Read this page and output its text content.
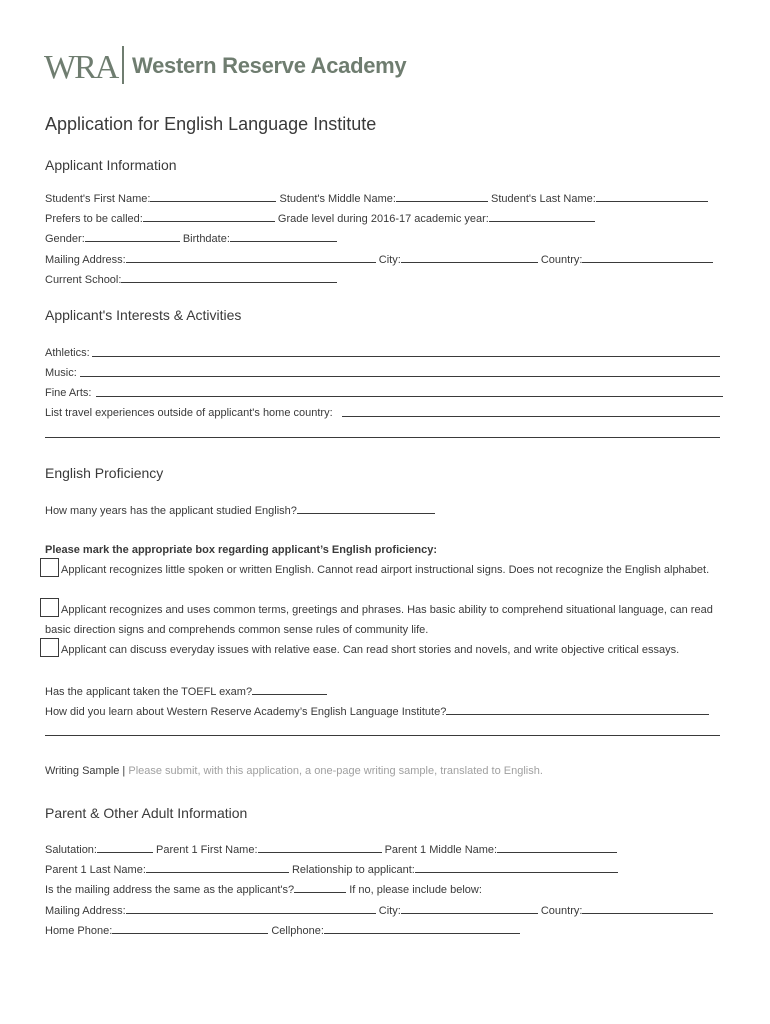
WRA Western Reserve Academy
Application for English Language Institute
Applicant Information
Student's First Name:	Student's Middle Name:	Student's Last Name:
Prefers to be called:	Grade level during 2016-17 academic year:
Gender:	Birthdate:
Mailing Address:	City:	Country:
Current School:
Applicant's Interests & Activities
Athletics:
Music:
Fine Arts:
List travel experiences outside of applicant's home country:
English Proficiency
How many years has the applicant studied English?
Please mark the appropriate box regarding applicant’s English proficiency:
Applicant recognizes little spoken or written English. Cannot read airport instructional signs. Does not recognize the English alphabet.
Applicant recognizes and uses common terms, greetings and phrases. Has basic ability to comprehend situational language, can read basic direction signs and comprehends common sense rules of community life.
Applicant can discuss everyday issues with relative ease. Can read short stories and novels, and write objective critical essays.
Has the applicant taken the TOEFL exam?
How did you learn about Western Reserve Academy’s English Language Institute?
Writing Sample | Please submit, with this application, a one-page writing sample, translated to English.
Parent & Other Adult Information
Salutation:	Parent 1 First Name:	Parent 1 Middle Name:
Parent 1 Last Name:	Relationship to applicant:
Is the mailing address the same as the applicant's?	If no, please include below:
Mailing Address:	City:	Country:
Home Phone:	Cellphone:
